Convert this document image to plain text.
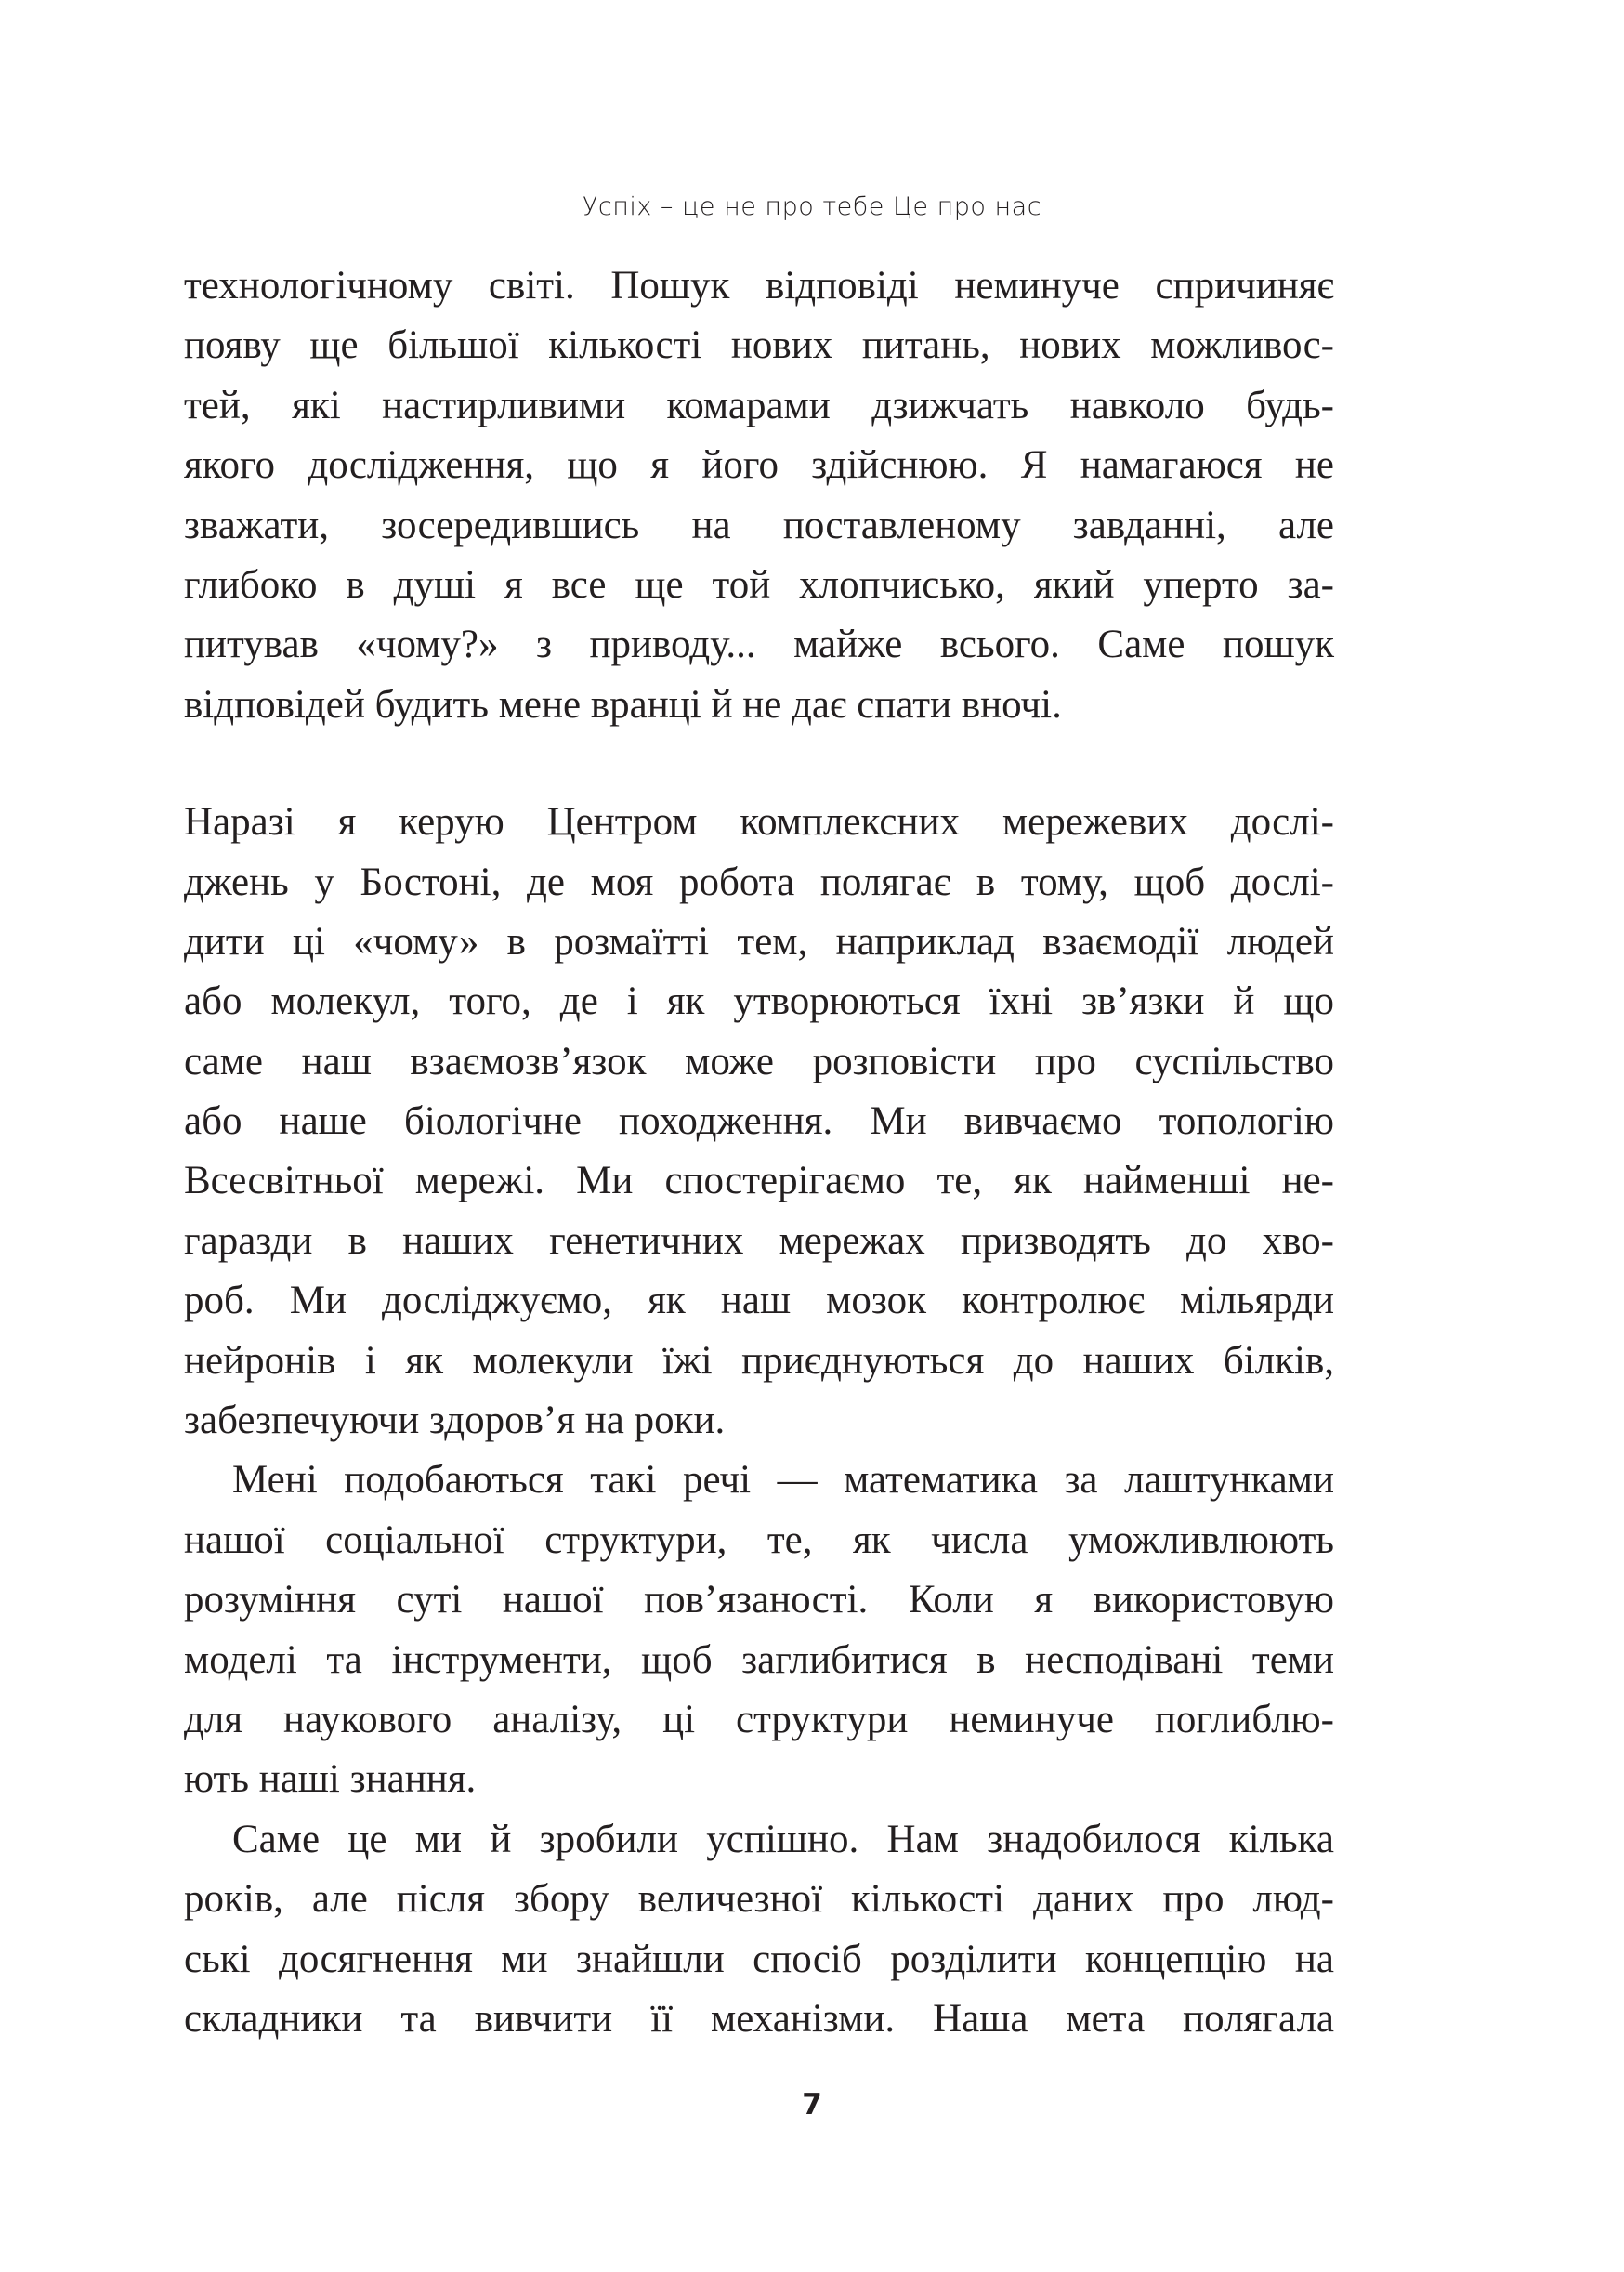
Успіх – це не про тебе Це про нас
технологічному світі. Пошук відповіді неминуче спричиняє
появу ще більшої кількості нових питань, нових можливос-
тей, які настирливими комарами дзижчать навколо будь-
якого дослідження, що я його здійснюю. Я намагаюся не
зважати, зосередившись на поставленому завданні, але
глибоко в душі я все ще той хлопчисько, який уперто за-
питував «чому?» з приводу... майже всього. Саме пошук
відповідей будить мене вранці й не дає спати вночі.
Наразі я керую Центром комплексних мережевих дослі-
джень у Бостоні, де моя робота полягає в тому, щоб дослі-
дити ці «чому» в розмаїтті тем, наприклад взаємодії людей
або молекул, того, де і як утворюються їхні зв’язки й що
саме наш взаємозв’язок може розповісти про суспільство
або наше біологічне походження. Ми вивчаємо топологію
Всесвітньої мережі. Ми спостерігаємо те, як найменші не-
гаразди в наших генетичних мережах призводять до хво-
роб. Ми досліджуємо, як наш мозок контролює мільярди
нейронів і як молекули їжі приєднуються до наших білків,
забезпечуючи здоров’я на роки.
Мені подобаються такі речі — математика за лаштунками
нашої соціальної структури, те, як числа уможливлюють
розуміння суті нашої пов’язаності. Коли я використовую
моделі та інструменти, щоб заглибитися в несподівані теми
для наукового аналізу, ці структури неминуче поглиблю-
ють наші знання.
Саме це ми й зробили успішно. Нам знадобилося кілька
років, але після збору величезної кількості даних про люд-
ські досягнення ми знайшли спосіб розділити концепцію на
складники та вивчити її механізми. Наша мета полягала
7
